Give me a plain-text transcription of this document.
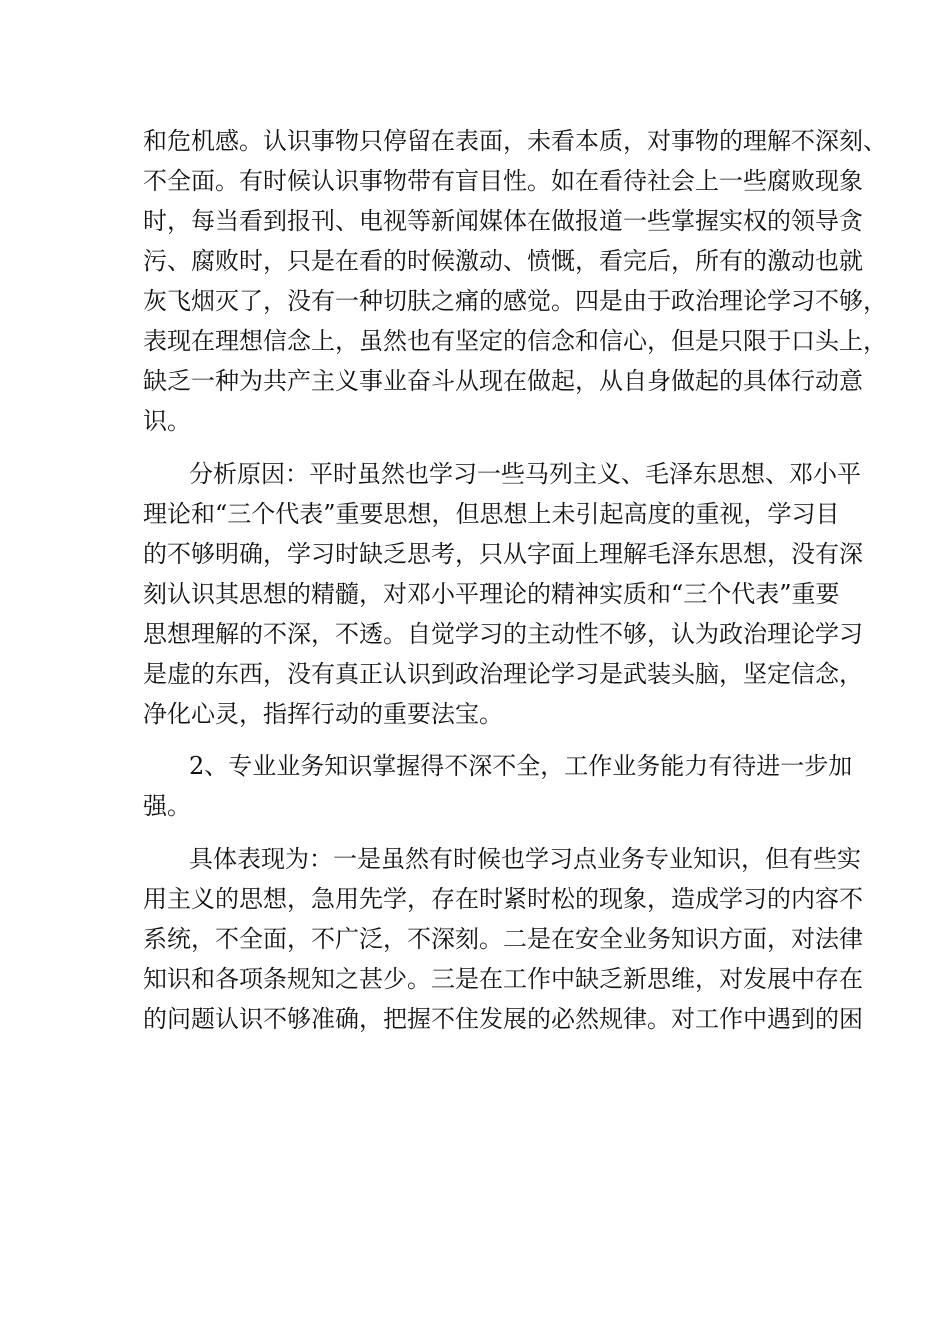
和危机感。认识事物只停留在表面，未看本质，对事物的理解不深刻、
不全面。有时候认识事物带有盲目性。如在看待社会上一些腐败现象
时，每当看到报刊、电视等新闻媒体在做报道一些掌握实权的领导贪
污、腐败时，只是在看的时候激动、愤慨，看完后，所有的激动也就
灰飞烟灭了，没有一种切肤之痛的感觉。四是由于政治理论学习不够，
表现在理想信念上，虽然也有坚定的信念和信心，但是只限于口头上，
缺乏一种为共产主义事业奋斗从现在做起，从自身做起的具体行动意
识。
分析原因：平时虽然也学习一些马列主义、毛泽东思想、邓小平
理论和“三个代表”重要思想，但思想上未引起高度的重视，学习目
的不够明确，学习时缺乏思考，只从字面上理解毛泽东思想，没有深
刻认识其思想的精髓，对邓小平理论的精神实质和“三个代表”重要
思想理解的不深，不透。自觉学习的主动性不够，认为政治理论学习
是虚的东西，没有真正认识到政治理论学习是武装头脑，坚定信念，
净化心灵，指挥行动的重要法宝。
2、专业业务知识掌握得不深不全，工作业务能力有待进一步加
强。
具体表现为：一是虽然有时候也学习点业务专业知识，但有些实
用主义的思想，急用先学，存在时紧时松的现象，造成学习的内容不
系统，不全面，不广泛，不深刻。二是在安全业务知识方面，对法律
知识和各项条规知之甚少。三是在工作中缺乏新思维，对发展中存在
的问题认识不够准确，把握不住发展的必然规律。对工作中遇到的困
